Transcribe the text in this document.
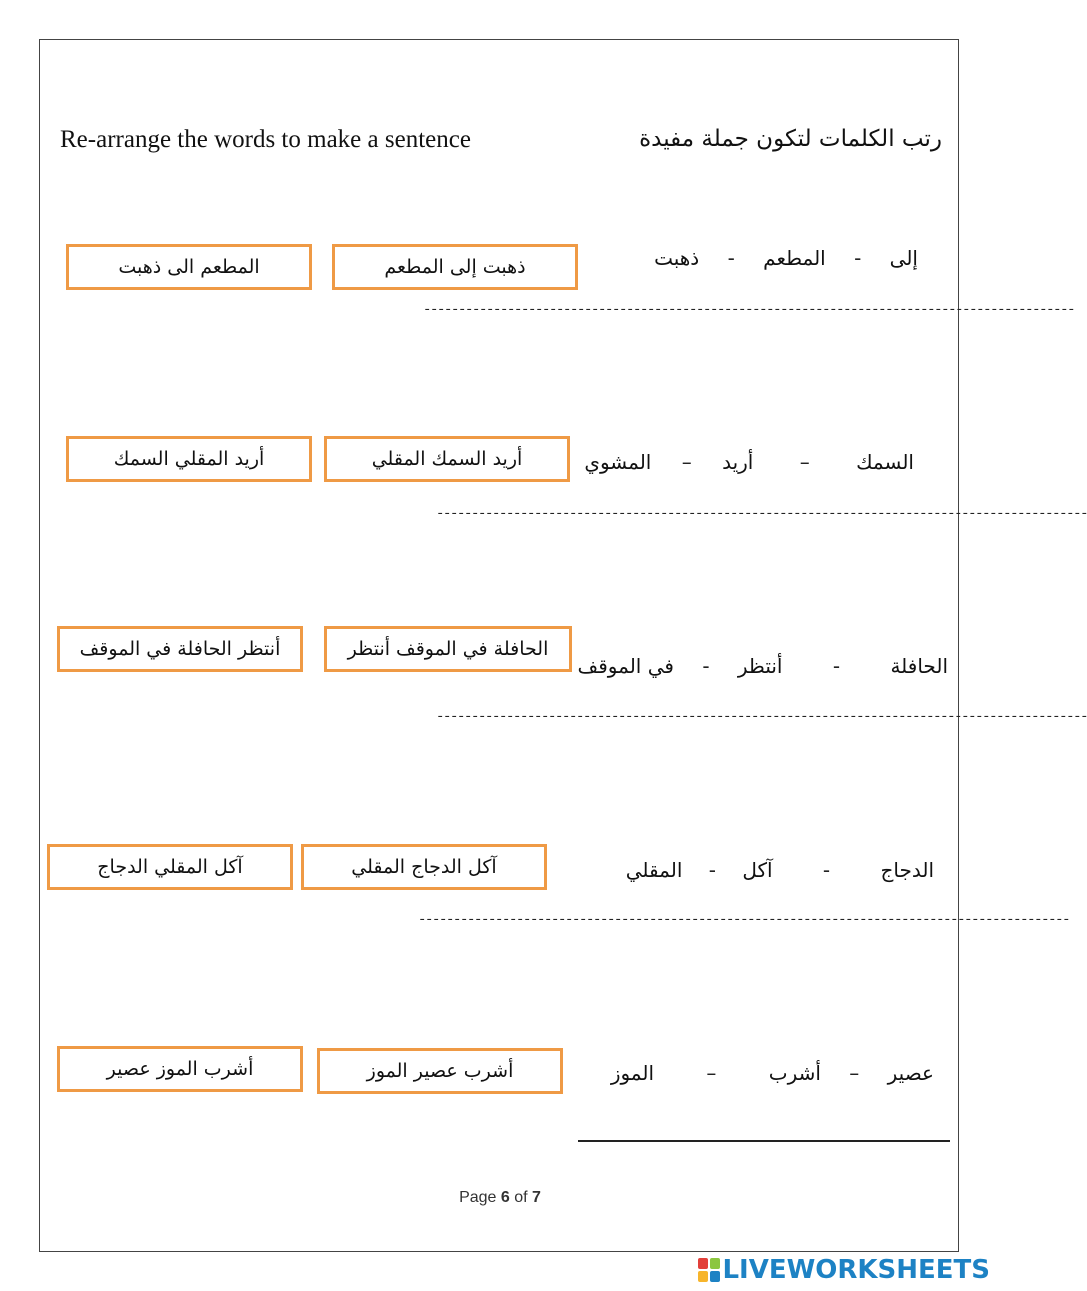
Re-arrange the words to make a sentence	رتب الكلمات لتكون جملة مفيدة
إلى - المطعم - ذهبت
ذهبت إلى المطعم
المطعم الى ذهبت
---------------------------------------------------------------------------------------------
السمك – أريد – المشوي
أريد السمك المقلي
أريد المقلي السمك
---------------------------------------------------------------------------------------------
الحافلة - أنتظر - في الموقف
الحافلة في الموقف أنتظر
أنتظر الحافلة في الموقف
---------------------------------------------------------------------------------------------
الدجاج - آكل - المقلي
آكل الدجاج المقلي
آكل المقلي الدجاج
---------------------------------------------------------------------------------------------
عصير – أشرب – الموز
أشرب عصير الموز
أشرب الموز عصير
Page 6 of 7
LIVEWORKSHEETS
